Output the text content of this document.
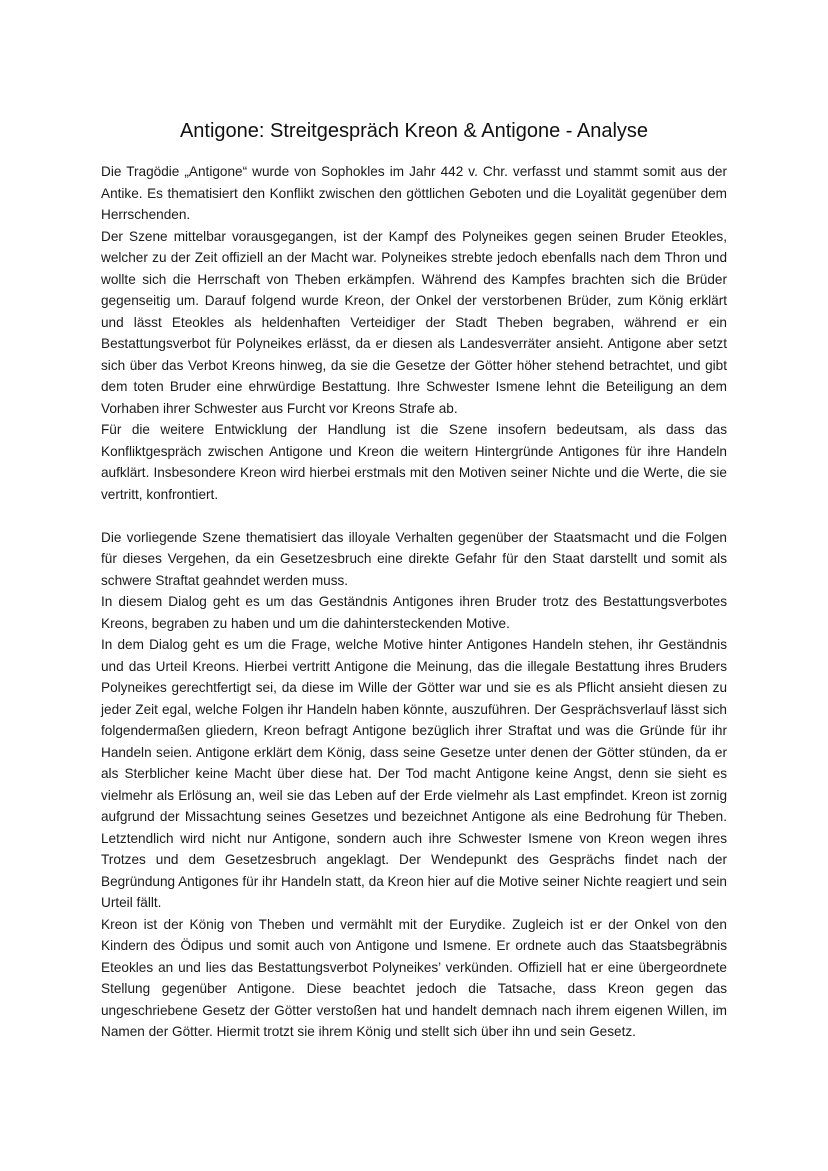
Antigone: Streitgespräch Kreon & Antigone - Analyse

Die Tragödie „Antigone“ wurde von Sophokles im Jahr 442 v. Chr. verfasst und stammt somit aus der Antike. Es thematisiert den Konflikt zwischen den göttlichen Geboten und die Loyalität gegenüber dem Herrschenden.

Der Szene mittelbar vorausgegangen, ist der Kampf des Polyneikes gegen seinen Bruder Eteokles, welcher zu der Zeit offiziell an der Macht war. Polyneikes strebte jedoch ebenfalls nach dem Thron und wollte sich die Herrschaft von Theben erkämpfen. Während des Kampfes brachten sich die Brüder gegenseitig um. Darauf folgend wurde Kreon, der Onkel der verstorbenen Brüder, zum König erklärt und lässt Eteokles als heldenhaften Verteidiger der Stadt Theben begraben, während er ein Bestattungsverbot für Polyneikes erlässt, da er diesen als Landesverräter ansieht. Antigone aber setzt sich über das Verbot Kreons hinweg, da sie die Gesetze der Götter höher stehend betrachtet, und gibt dem toten Bruder eine ehrwürdige Bestattung. Ihre Schwester Ismene lehnt die Beteiligung an dem Vorhaben ihrer Schwester aus Furcht vor Kreons Strafe ab.

Für die weitere Entwicklung der Handlung ist die Szene insofern bedeutsam, als dass das Konfliktgespräch zwischen Antigone und Kreon die weitern Hintergründe Antigones für ihre Handeln aufklärt. Insbesondere Kreon wird hierbei erstmals mit den Motiven seiner Nichte und die Werte, die sie vertritt, konfrontiert.

Die vorliegende Szene thematisiert das illoyale Verhalten gegenüber der Staatsmacht und die Folgen für dieses Vergehen, da ein Gesetzesbruch eine direkte Gefahr für den Staat darstellt und somit als schwere Straftat geahndet werden muss.

In diesem Dialog geht es um das Geständnis Antigones ihren Bruder trotz des Bestattungsverbotes Kreons, begraben zu haben und um die dahintersteckenden Motive.

In dem Dialog geht es um die Frage, welche Motive hinter Antigones Handeln stehen, ihr Geständnis und das Urteil Kreons. Hierbei vertritt Antigone die Meinung, das die illegale Bestattung ihres Bruders Polyneikes gerechtfertigt sei, da diese im Wille der Götter war und sie es als Pflicht ansieht diesen zu jeder Zeit egal, welche Folgen ihr Handeln haben könnte, auszuführen. Der Gesprächsverlauf lässt sich folgendermaßen gliedern, Kreon befragt Antigone bezüglich ihrer Straftat und was die Gründe für ihr Handeln seien. Antigone erklärt dem König, dass seine Gesetze unter denen der Götter stünden, da er als Sterblicher keine Macht über diese hat. Der Tod macht Antigone keine Angst, denn sie sieht es vielmehr als Erlösung an, weil sie das Leben auf der Erde vielmehr als Last empfindet. Kreon ist zornig aufgrund der Missachtung seines Gesetzes und bezeichnet Antigone als eine Bedrohung für Theben. Letztendlich wird nicht nur Antigone, sondern auch ihre Schwester Ismene von Kreon wegen ihres Trotzes und dem Gesetzesbruch angeklagt. Der Wendepunkt des Gesprächs findet nach der Begründung Antigones für ihr Handeln statt, da Kreon hier auf die Motive seiner Nichte reagiert und sein Urteil fällt.

Kreon ist der König von Theben und vermählt mit der Eurydike. Zugleich ist er der Onkel von den Kindern des Ödipus und somit auch von Antigone und Ismene. Er ordnete auch das Staatsbegräbnis Eteokles an und lies das Bestattungsverbot Polyneikes’ verkünden. Offiziell hat er eine übergeordnete Stellung gegenüber Antigone. Diese beachtet jedoch die Tatsache, dass Kreon gegen das ungeschriebene Gesetz der Götter verstoßen hat und handelt demnach nach ihrem eigenen Willen, im Namen der Götter. Hiermit trotzt sie ihrem König und stellt sich über ihn und sein Gesetz.
